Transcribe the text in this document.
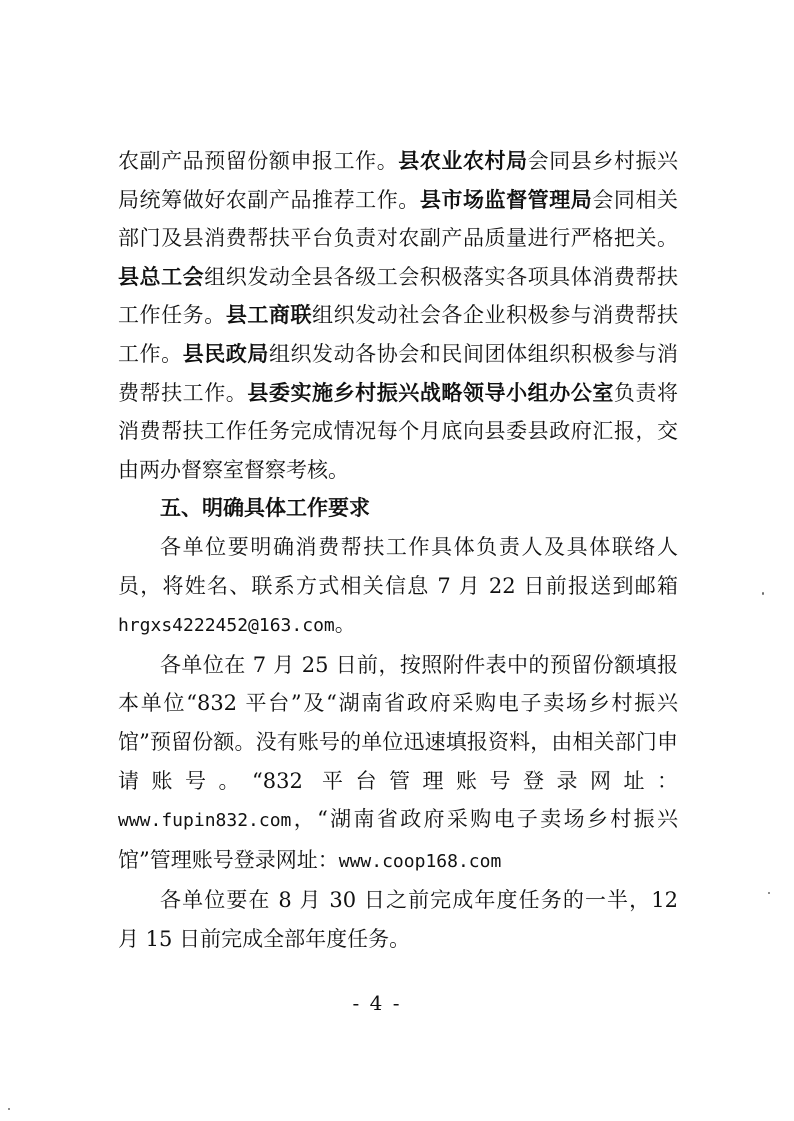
农副产品预留份额申报工作。县农业农村局会同县乡村振兴局统筹做好农副产品推荐工作。县市场监督管理局会同相关部门及县消费帮扶平台负责对农副产品质量进行严格把关。县总工会组织发动全县各级工会积极落实各项具体消费帮扶工作任务。县工商联组织发动社会各企业积极参与消费帮扶工作。县民政局组织发动各协会和民间团体组织积极参与消费帮扶工作。县委实施乡村振兴战略领导小组办公室负责将消费帮扶工作任务完成情况每个月底向县委县政府汇报，交由两办督察室督察考核。

五、明确具体工作要求

各单位要明确消费帮扶工作具体负责人及具体联络人员，将姓名、联系方式相关信息 7 月 22 日前报送到邮箱 hrgxs4222452@163.com。

各单位在 7 月 25 日前，按照附件表中的预留份额填报本单位“832 平台”及“湖南省政府采购电子卖场乡村振兴馆”预留份额。没有账号的单位迅速填报资料，由相关部门申请账号。“832 平台管理账号登录网址：www.fupin832.com，“湖南省政府采购电子卖场乡村振兴馆”管理账号登录网址：www.coop168.com

各单位要在 8 月 30 日之前完成年度任务的一半，12 月 15 日前完成全部年度任务。

- 4 -
